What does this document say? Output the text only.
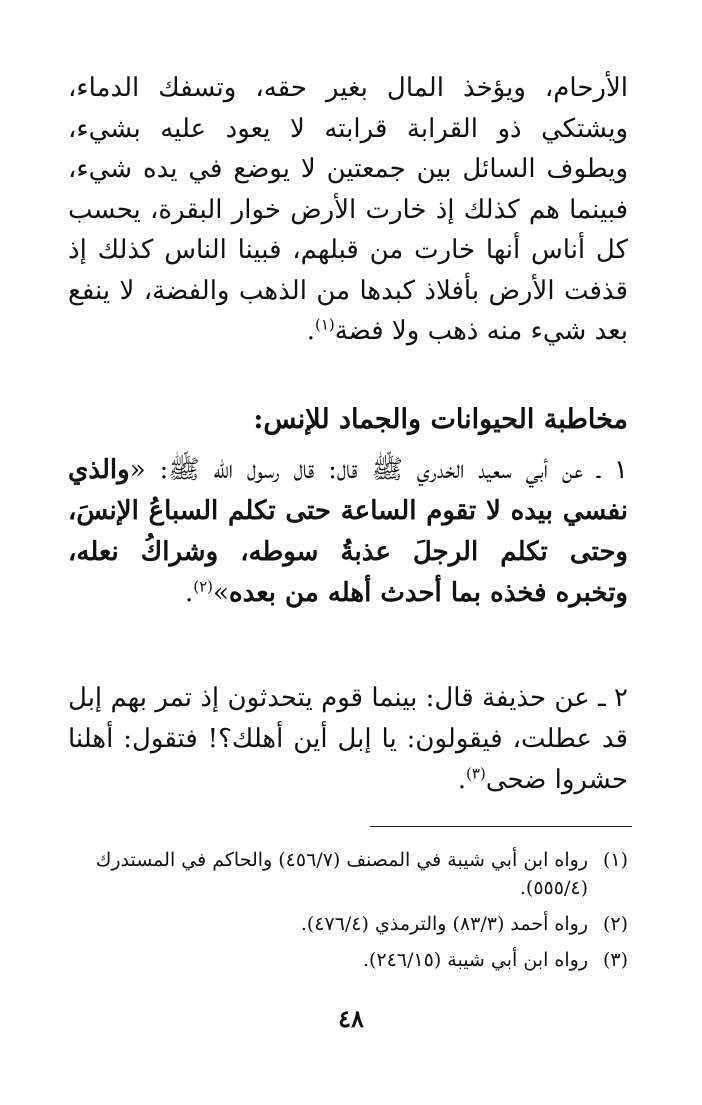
الأرحام، ويؤخذ المال بغير حقه، وتسفك الدماء، ويشتكي ذو القرابة قرابته لا يعود عليه بشيء، ويطوف السائل بين جمعتين لا يوضع في يده شيء، فبينما هم كذلك إذ خارت الأرض خوار البقرة، يحسب كل أناس أنها خارت من قبلهم، فبينا الناس كذلك إذ قذفت الأرض بأفلاذ كبدها من الذهب والفضة، لا ينفع بعد شيء منه ذهب ولا فضة$^{(١)}$.
مخاطبة الحيوانات والجماد للإنس:
١ ـ عن أبي سعيد الخدري ﷺ قال: قال رسول الله ﷺ: «والذي نفسي بيده لا تقوم الساعة حتى تكلم السباعُ الإنسَ، وحتى تكلم الرجلَ عذبةُ سوطه، وشراكُ نعله، وتخبره فخذه بما أحدث أهله من بعده»$^{(٢)}$.
٢ ـ عن حذيفة قال: بينما قوم يتحدثون إذ تمر بهم إبل قد عطلت، فيقولون: يا إبل أين أهلك؟! فتقول: أهلنا حشروا ضحى$^{(٣)}$.
(١)
رواه ابن أبي شيبة في المصنف (٤٥٦/٧) والحاكم في المستدرك (٥٥٥/٤).
(٢)
رواه أحمد (٨٣/٣) والترمذي (٤٧٦/٤).
(٣)
رواه ابن أبي شيبة (٢٤٦/١٥).
٤٨
